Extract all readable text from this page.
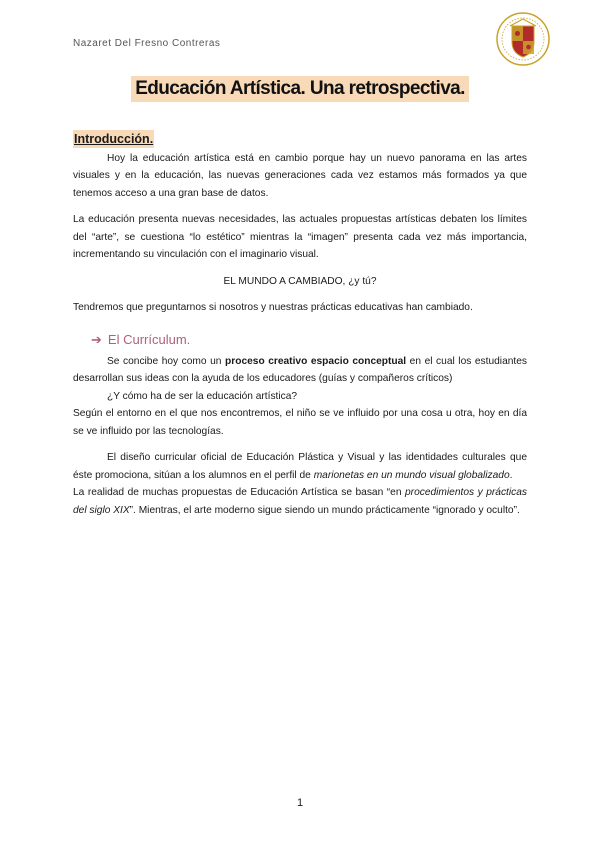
Nazaret Del Fresno Contreras
Educación Artística. Una retrospectiva.
Introducción.

Hoy la educación artística está en cambio porque hay un nuevo panorama en las artes visuales y en la educación, las nuevas generaciones cada vez estamos más formados ya que tenemos acceso a una gran base de datos.

La educación presenta nuevas necesidades, las actuales propuestas artísticas debaten los límites del “arte”, se cuestiona “lo estético” mientras la “imagen” presenta cada vez más importancia, incrementando su vinculación con el imaginario visual.

EL MUNDO A CAMBIADO, ¿y tú?

Tendremos que preguntarnos si nosotros y nuestras prácticas educativas han cambiado.

➔ El Currículum.

Se concibe hoy como un proceso creativo espacio conceptual en el cual los estudiantes desarrollan sus ideas con la ayuda de los educadores (guías y compañeros críticos)

¿Y cómo ha de ser la educación artística?

Según el entorno en el que nos encontremos, el niño se ve influido por una cosa u otra, hoy en día se ve influido por las tecnologías.

El diseño curricular oficial de Educación Plástica y Visual y las identidades culturales que éste promociona, sitúan a los alumnos en el perfil de marionetas en un mundo visual globalizado.

La realidad de muchas propuestas de Educación Artística se basan “en procedimientos y prácticas del siglo XIX”. Mientras, el arte moderno sigue siendo un mundo prácticamente “ignorado y oculto”.

1
